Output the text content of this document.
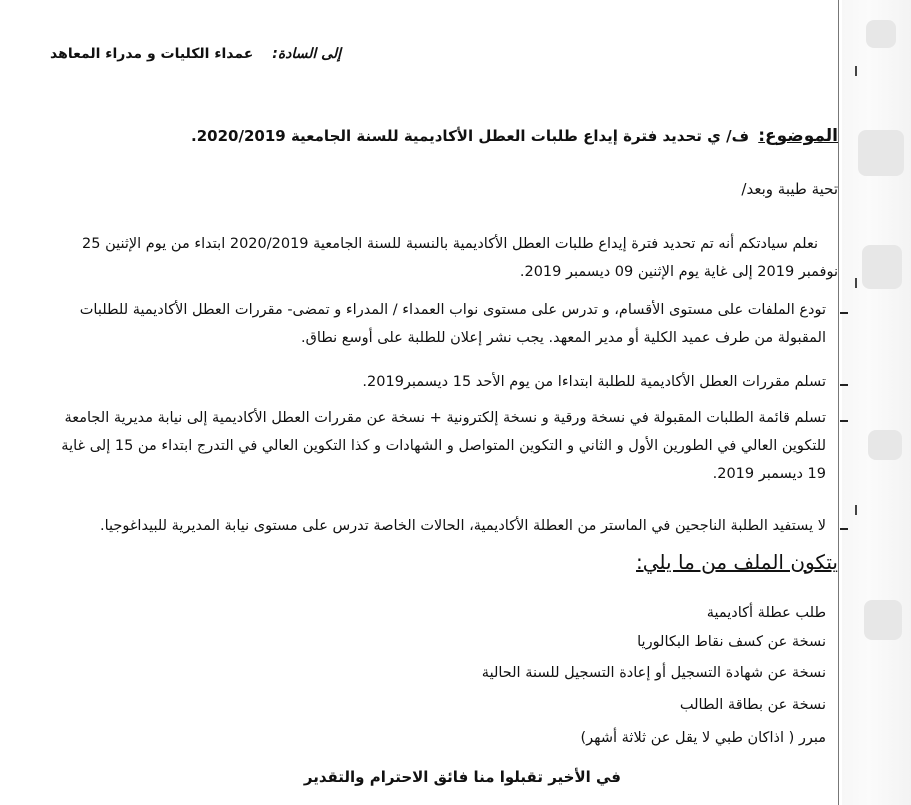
إلى السادة: عمداء الكليات و مدراء المعاهد
الموضوع: ف/ ي تحديد فترة إيداع طلبات العطل الأكاديمية للسنة الجامعية 2020/2019.
تحية طيبة وبعد/
نعلم سيادتكم أنه تم تحديد فترة إيداع طلبات العطل الأكاديمية بالنسبة للسنة الجامعية 2020/2019 ابتداء من يوم الإثنين 25
نوفمبر 2019 إلى غاية يوم الإثنين 09 ديسمبر 2019.
تودع الملفات على مستوى الأقسام، و تدرس على مستوى نواب العمداء / المدراء و تمضى- مقررات العطل الأكاديمية للطلبات
المقبولة من طرف عميد الكلية أو مدير المعهد. يجب نشر إعلان للطلبة على أوسع نطاق.
تسلم مقررات العطل الأكاديمية للطلبة ابتداءا من يوم الأحد 15 ديسمبر2019.
تسلم قائمة الطلبات المقبولة في نسخة ورقية و نسخة إلكترونية + نسخة عن مقررات العطل الأكاديمية إلى نيابة مديرية الجامعة
للتكوين العالي في الطورين الأول و الثاني و التكوين المتواصل و الشهادات و كذا التكوين العالي في التدرج ابتداء من 15 إلى غاية
19 ديسمبر 2019.
لا يستفيد الطلبة الناجحين في الماستر من العطلة الأكاديمية، الحالات الخاصة تدرس على مستوى نيابة المديرية للبيداغوجيا.
يتكون الملف من ما يلي:
طلب عطلة أكاديمية
نسخة عن كسف نقاط البكالوريا
نسخة عن شهادة التسجيل أو إعادة التسجيل للسنة الحالية
نسخة عن بطاقة الطالب
مبرر ( اذاكان طبي لا يقل عن ثلاثة أشهر)
في الأخير تقبلوا منا فائق الاحترام والتقدير
